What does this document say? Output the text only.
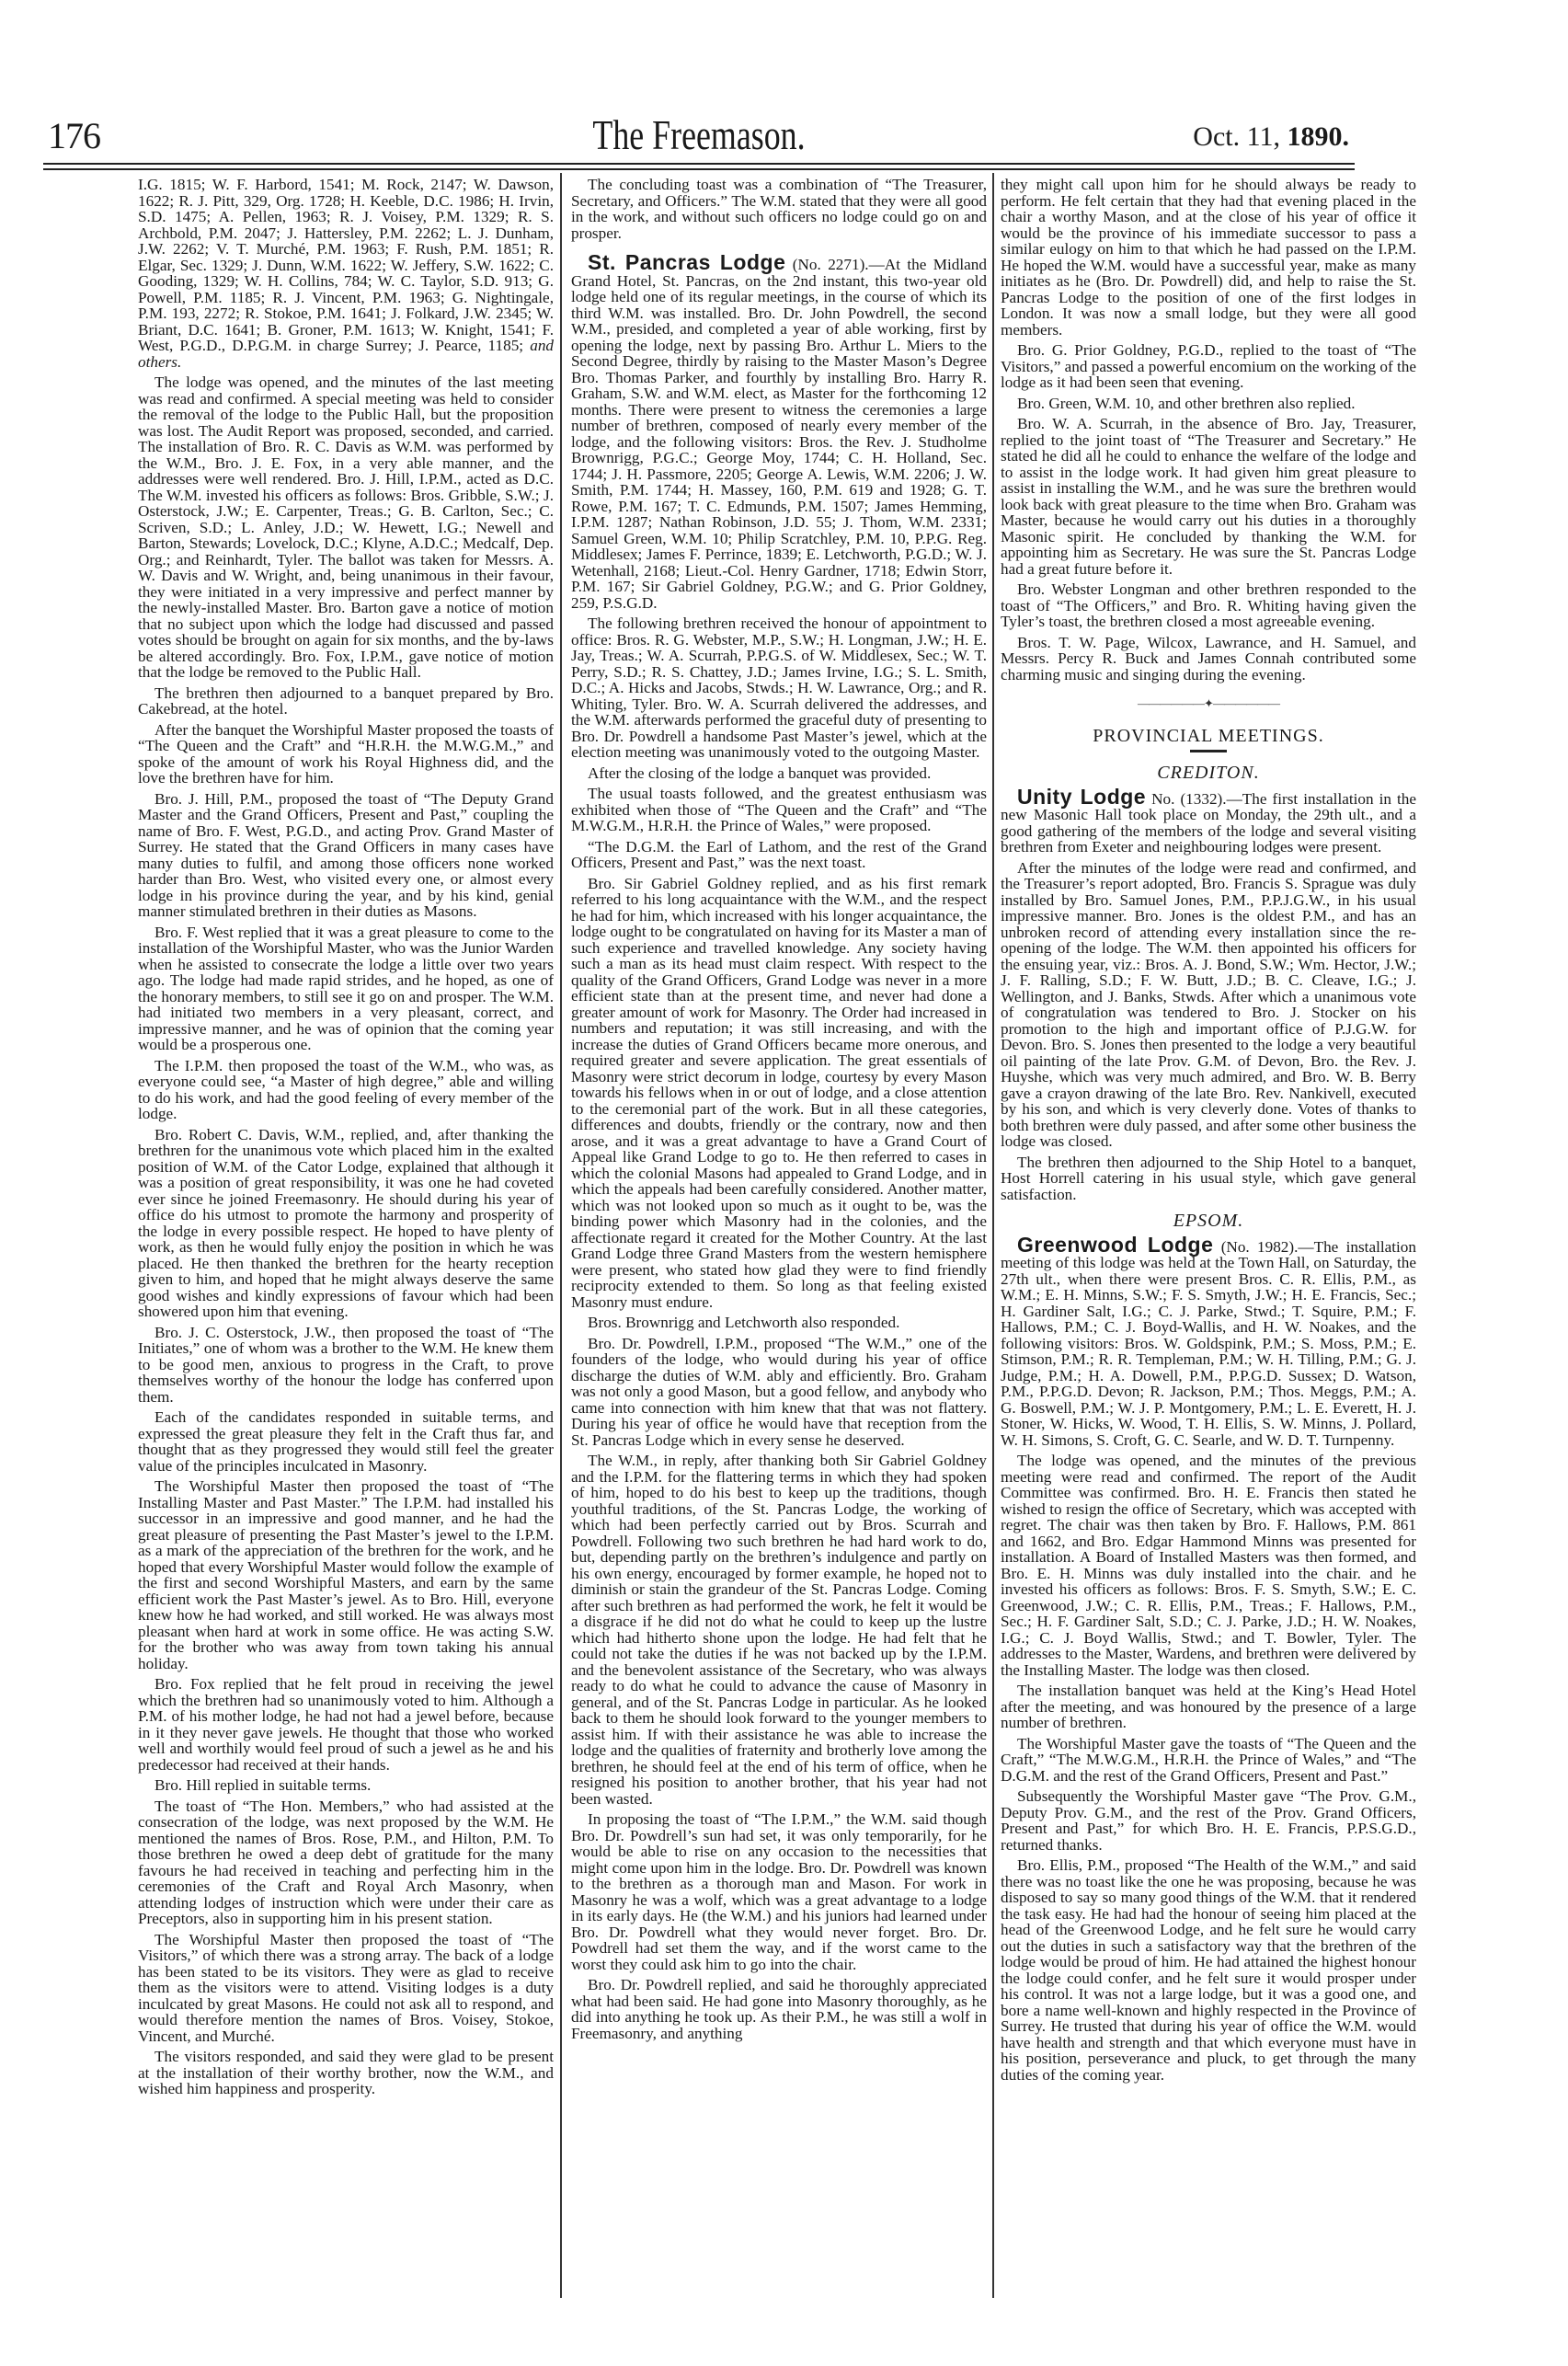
176	The Freemason.	Oct. 11, 1890.

I.G. 1815; W. F. Harbord, 1541; M. Rock, 2147; W. Dawson, 1622; R. J. Pitt, 329, Org. 1728; H. Keeble, D.C. 1986; H. Irvin, S.D. 1475; A. Pellen, 1963; R. J. Voisey, P.M. 1329; R. S. Archbold, P.M. 2047; J. Hattersley, P.M. 2262; L. J. Dunham, J.W. 2262; V. T. Murché, P.M. 1963; F. Rush, P.M. 1851; R. Elgar, Sec. 1329; J. Dunn, W.M. 1622; W. Jeffery, S.W. 1622; C. Gooding, 1329; W. H. Collins, 784; W. C. Taylor, S.D. 913; G. Powell, P.M. 1185; R. J. Vincent, P.M. 1963; G. Nightingale, P.M. 193, 2272; R. Stokoe, P.M. 1641; J. Folkard, J.W. 2345; W. Briant, D.C. 1641; B. Groner, P.M. 1613; W. Knight, 1541; F. West, P.G.D., D.P.G.M. in charge Surrey; J. Pearce, 1185; and others.

The lodge was opened, and the minutes of the last meeting was read and confirmed. A special meeting was held to consider the removal of the lodge to the Public Hall, but the proposition was lost. The Audit Report was proposed, seconded, and carried. The installation of Bro. R. C. Davis as W.M. was performed by the W.M., Bro. J. E. Fox, in a very able manner, and the addresses were well rendered. Bro. J. Hill, I.P.M., acted as D.C. The W.M. invested his officers as follows: Bros. Gribble, S.W.; J. Osterstock, J.W.; E. Carpenter, Treas.; G. B. Carlton, Sec.; C. Scriven, S.D.; L. Anley, J.D.; W. Hewett, I.G.; Newell and Barton, Stewards; Lovelock, D.C.; Klyne, A.D.C.; Medcalf, Dep. Org.; and Reinhardt, Tyler. The ballot was taken for Messrs. A. W. Davis and W. Wright, and, being unanimous in their favour, they were initiated in a very impressive and perfect manner by the newly-installed Master. Bro. Barton gave a notice of motion that no subject upon which the lodge had discussed and passed votes should be brought on again for six months, and the by-laws be altered accordingly. Bro. Fox, I.P.M., gave notice of motion that the lodge be removed to the Public Hall.

The brethren then adjourned to a banquet prepared by Bro. Cakebread, at the hotel.

After the banquet the Worshipful Master proposed the toasts of “The Queen and the Craft” and “H.R.H. the M.W.G.M.,” and spoke of the amount of work his Royal Highness did, and the love the brethren have for him.

Bro. J. Hill, P.M., proposed the toast of “The Deputy Grand Master and the Grand Officers, Present and Past,” coupling the name of Bro. F. West, P.G.D., and acting Prov. Grand Master of Surrey. He stated that the Grand Officers in many cases have many duties to fulfil, and among those officers none worked harder than Bro. West, who visited every one, or almost every lodge in his province during the year, and by his kind, genial manner stimulated brethren in their duties as Masons.

Bro. F. West replied that it was a great pleasure to come to the installation of the Worshipful Master, who was the Junior Warden when he assisted to consecrate the lodge a little over two years ago. The lodge had made rapid strides, and he hoped, as one of the honorary members, to still see it go on and prosper. The W.M. had initiated two members in a very pleasant, correct, and impressive manner, and he was of opinion that the coming year would be a prosperous one.

The I.P.M. then proposed the toast of the W.M., who was, as everyone could see, “a Master of high degree,” able and willing to do his work, and had the good feeling of every member of the lodge.

Bro. Robert C. Davis, W.M., replied, and, after thanking the brethren for the unanimous vote which placed him in the exalted position of W.M. of the Cator Lodge, explained that although it was a position of great responsibility, it was one he had coveted ever since he joined Freemasonry. He should during his year of office do his utmost to promote the harmony and prosperity of the lodge in every possible respect. He hoped to have plenty of work, as then he would fully enjoy the position in which he was placed. He then thanked the brethren for the hearty reception given to him, and hoped that he might always deserve the same good wishes and kindly expressions of favour which had been showered upon him that evening.

Bro. J. C. Osterstock, J.W., then proposed the toast of “The Initiates,” one of whom was a brother to the W.M. He knew them to be good men, anxious to progress in the Craft, to prove themselves worthy of the honour the lodge has conferred upon them.

Each of the candidates responded in suitable terms, and expressed the great pleasure they felt in the Craft thus far, and thought that as they progressed they would still feel the greater value of the principles inculcated in Masonry.

The Worshipful Master then proposed the toast of “The Installing Master and Past Master.” The I.P.M. had installed his successor in an impressive and good manner, and he had the great pleasure of presenting the Past Master’s jewel to the I.P.M. as a mark of the appreciation of the brethren for the work, and he hoped that every Worshipful Master would follow the example of the first and second Worshipful Masters, and earn by the same efficient work the Past Master’s jewel. As to Bro. Hill, everyone knew how he had worked, and still worked. He was always most pleasant when hard at work in some office. He was acting S.W. for the brother who was away from town taking his annual holiday.

Bro. Fox replied that he felt proud in receiving the jewel which the brethren had so unanimously voted to him. Although a P.M. of his mother lodge, he had not had a jewel before, because in it they never gave jewels. He thought that those who worked well and worthily would feel proud of such a jewel as he and his predecessor had received at their hands.

Bro. Hill replied in suitable terms.

The toast of “The Hon. Members,” who had assisted at the consecration of the lodge, was next proposed by the W.M. He mentioned the names of Bros. Rose, P.M., and Hilton, P.M. To those brethren he owed a deep debt of gratitude for the many favours he had received in teaching and perfecting him in the ceremonies of the Craft and Royal Arch Masonry, when attending lodges of instruction which were under their care as Preceptors, also in supporting him in his present station.

The Worshipful Master then proposed the toast of “The Visitors,” of which there was a strong array. The back of a lodge has been stated to be its visitors. They were as glad to receive them as the visitors were to attend. Visiting lodges is a duty inculcated by great Masons. He could not ask all to respond, and would therefore mention the names of Bros. Voisey, Stokoe, Vincent, and Murché.

The visitors responded, and said they were glad to be present at the installation of their worthy brother, now the W.M., and wished him happiness and prosperity.

The concluding toast was a combination of “The Treasurer, Secretary, and Officers.” The W.M. stated that they were all good in the work, and without such officers no lodge could go on and prosper.

St. Pancras Lodge (No. 2271).—At the Midland Grand Hotel, St. Pancras, on the 2nd instant, this two-year old lodge held one of its regular meetings, in the course of which its third W.M. was installed. Bro. Dr. John Powdrell, the second W.M., presided, and completed a year of able working, first by opening the lodge, next by passing Bro. Arthur L. Miers to the Second Degree, thirdly by raising to the Master Mason’s Degree Bro. Thomas Parker, and fourthly by installing Bro. Harry R. Graham, S.W. and W.M. elect, as Master for the forthcoming 12 months. There were present to witness the ceremonies a large number of brethren, composed of nearly every member of the lodge, and the following visitors: Bros. the Rev. J. Studholme Brownrigg, P.G.C.; George Moy, 1744; C. H. Holland, Sec. 1744; J. H. Passmore, 2205; George A. Lewis, W.M. 2206; J. W. Smith, P.M. 1744; H. Massey, 160, P.M. 619 and 1928; G. T. Rowe, P.M. 167; T. C. Edmunds, P.M. 1507; James Hemming, I.P.M. 1287; Nathan Robinson, J.D. 55; J. Thom, W.M. 2331; Samuel Green, W.M. 10; Philip Scratchley, P.M. 10, P.P.G. Reg. Middlesex; James F. Perrince, 1839; E. Letchworth, P.G.D.; W. J. Wetenhall, 2168; Lieut.-Col. Henry Gardner, 1718; Edwin Storr, P.M. 167; Sir Gabriel Goldney, P.G.W.; and G. Prior Goldney, 259, P.S.G.D.

The following brethren received the honour of appointment to office: Bros. R. G. Webster, M.P., S.W.; H. Longman, J.W.; H. E. Jay, Treas.; W. A. Scurrah, P.P.G.S. of W. Middlesex, Sec.; W. T. Perry, S.D.; R. S. Chattey, J.D.; James Irvine, I.G.; S. L. Smith, D.C.; A. Hicks and Jacobs, Stwds.; H. W. Lawrance, Org.; and R. Whiting, Tyler. Bro. W. A. Scurrah delivered the addresses, and the W.M. afterwards performed the graceful duty of presenting to Bro. Dr. Powdrell a handsome Past Master’s jewel, which at the election meeting was unanimously voted to the outgoing Master.

After the closing of the lodge a banquet was provided.

The usual toasts followed, and the greatest enthusiasm was exhibited when those of “The Queen and the Craft” and “The M.W.G.M., H.R.H. the Prince of Wales,” were proposed.

“The D.G.M. the Earl of Lathom, and the rest of the Grand Officers, Present and Past,” was the next toast.

Bro. Sir Gabriel Goldney replied, and as his first remark referred to his long acquaintance with the W.M., and the respect he had for him, which increased with his longer acquaintance, the lodge ought to be congratulated on having for its Master a man of such experience and travelled knowledge. Any society having such a man as its head must claim respect. With respect to the quality of the Grand Officers, Grand Lodge was never in a more efficient state than at the present time, and never had done a greater amount of work for Masonry. The Order had increased in numbers and reputation; it was still increasing, and with the increase the duties of Grand Officers became more onerous, and required greater and severe application. The great essentials of Masonry were strict decorum in lodge, courtesy by every Mason towards his fellows when in or out of lodge, and a close attention to the ceremonial part of the work. But in all these categories, differences and doubts, friendly or the contrary, now and then arose, and it was a great advantage to have a Grand Court of Appeal like Grand Lodge to go to. He then referred to cases in which the colonial Masons had appealed to Grand Lodge, and in which the appeals had been carefully considered. Another matter, which was not looked upon so much as it ought to be, was the binding power which Masonry had in the colonies, and the affectionate regard it created for the Mother Country. At the last Grand Lodge three Grand Masters from the western hemisphere were present, who stated how glad they were to find friendly reciprocity extended to them. So long as that feeling existed Masonry must endure.

Bros. Brownrigg and Letchworth also responded.

Bro. Dr. Powdrell, I.P.M., proposed “The W.M.,” one of the founders of the lodge, who would during his year of office discharge the duties of W.M. ably and efficiently. Bro. Graham was not only a good Mason, but a good fellow, and anybody who came into connection with him knew that that was not flattery. During his year of office he would have that reception from the St. Pancras Lodge which in every sense he deserved.

The W.M., in reply, after thanking both Sir Gabriel Goldney and the I.P.M. for the flattering terms in which they had spoken of him, hoped to do his best to keep up the traditions, though youthful traditions, of the St. Pancras Lodge, the working of which had been perfectly carried out by Bros. Scurrah and Powdrell. Following two such brethren he had hard work to do, but, depending partly on the brethren’s indulgence and partly on his own energy, encouraged by former example, he hoped not to diminish or stain the grandeur of the St. Pancras Lodge. Coming after such brethren as had performed the work, he felt it would be a disgrace if he did not do what he could to keep up the lustre which had hitherto shone upon the lodge. He had felt that he could not take the duties if he was not backed up by the I.P.M. and the benevolent assistance of the Secretary, who was always ready to do what he could to advance the cause of Masonry in general, and of the St. Pancras Lodge in particular. As he looked back to them he should look forward to the younger members to assist him. If with their assistance he was able to increase the lodge and the qualities of fraternity and brotherly love among the brethren, he should feel at the end of his term of office, when he resigned his position to another brother, that his year had not been wasted.

In proposing the toast of “The I.P.M.,” the W.M. said though Bro. Dr. Powdrell’s sun had set, it was only temporarily, for he would be able to rise on any occasion to the necessities that might come upon him in the lodge. Bro. Dr. Powdrell was known to the brethren as a thorough man and Mason. For work in Masonry he was a wolf, which was a great advantage to a lodge in its early days. He (the W.M.) and his juniors had learned under Bro. Dr. Powdrell what they would never forget. Bro. Dr. Powdrell had set them the way, and if the worst came to the worst they could ask him to go into the chair.

Bro. Dr. Powdrell replied, and said he thoroughly appreciated what had been said. He had gone into Masonry thoroughly, as he did into anything he took up. As their P.M., he was still a wolf in Freemasonry, and anything

they might call upon him for he should always be ready to perform. He felt certain that they had that evening placed in the chair a worthy Mason, and at the close of his year of office it would be the province of his immediate successor to pass a similar eulogy on him to that which he had passed on the I.P.M. He hoped the W.M. would have a successful year, make as many initiates as he (Bro. Dr. Powdrell) did, and help to raise the St. Pancras Lodge to the position of one of the first lodges in London. It was now a small lodge, but they were all good members.

Bro. G. Prior Goldney, P.G.D., replied to the toast of “The Visitors,” and passed a powerful encomium on the working of the lodge as it had been seen that evening.

Bro. Green, W.M. 10, and other brethren also replied.

Bro. W. A. Scurrah, in the absence of Bro. Jay, Treasurer, replied to the joint toast of “The Treasurer and Secretary.” He stated he did all he could to enhance the welfare of the lodge and to assist in the lodge work. It had given him great pleasure to assist in installing the W.M., and he was sure the brethren would look back with great pleasure to the time when Bro. Graham was Master, because he would carry out his duties in a thoroughly Masonic spirit. He concluded by thanking the W.M. for appointing him as Secretary. He was sure the St. Pancras Lodge had a great future before it.

Bro. Webster Longman and other brethren responded to the toast of “The Officers,” and Bro. R. Whiting having given the Tyler’s toast, the brethren closed a most agreeable evening.

Bros. T. W. Page, Wilcox, Lawrance, and H. Samuel, and Messrs. Percy R. Buck and James Connah contributed some charming music and singing during the evening.

——————✦——————
PROVINCIAL MEETINGS.
CREDITON.

Unity Lodge No. (1332).—The first installation in the new Masonic Hall took place on Monday, the 29th ult., and a good gathering of the members of the lodge and several visiting brethren from Exeter and neighbouring lodges were present.

After the minutes of the lodge were read and confirmed, and the Treasurer’s report adopted, Bro. Francis S. Sprague was duly installed by Bro. Samuel Jones, P.M., P.P.J.G.W., in his usual impressive manner. Bro. Jones is the oldest P.M., and has an unbroken record of attending every installation since the re-opening of the lodge. The W.M. then appointed his officers for the ensuing year, viz.: Bros. A. J. Bond, S.W.; Wm. Hector, J.W.; J. F. Ralling, S.D.; F. W. Butt, J.D.; B. C. Cleave, I.G.; J. Wellington, and J. Banks, Stwds. After which a unanimous vote of congratulation was tendered to Bro. J. Stocker on his promotion to the high and important office of P.J.G.W. for Devon. Bro. S. Jones then presented to the lodge a very beautiful oil painting of the late Prov. G.M. of Devon, Bro. the Rev. J. Huyshe, which was very much admired, and Bro. W. B. Berry gave a crayon drawing of the late Bro. Rev. Nankivell, executed by his son, and which is very cleverly done. Votes of thanks to both brethren were duly passed, and after some other business the lodge was closed.

The brethren then adjourned to the Ship Hotel to a banquet, Host Horrell catering in his usual style, which gave general satisfaction.

EPSOM.

Greenwood Lodge (No. 1982).—The installation meeting of this lodge was held at the Town Hall, on Saturday, the 27th ult., when there were present Bros. C. R. Ellis, P.M., as W.M.; E. H. Minns, S.W.; F. S. Smyth, J.W.; H. E. Francis, Sec.; H. Gardiner Salt, I.G.; C. J. Parke, Stwd.; T. Squire, P.M.; F. Hallows, P.M.; C. J. Boyd-Wallis, and H. W. Noakes, and the following visitors: Bros. W. Goldspink, P.M.; S. Moss, P.M.; E. Stimson, P.M.; R. R. Templeman, P.M.; W. H. Tilling, P.M.; G. J. Judge, P.M.; H. A. Dowell, P.M., P.P.G.D. Sussex; D. Watson, P.M., P.P.G.D. Devon; R. Jackson, P.M.; Thos. Meggs, P.M.; A. G. Boswell, P.M.; W. J. P. Montgomery, P.M.; L. E. Everett, H. J. Stoner, W. Hicks, W. Wood, T. H. Ellis, S. W. Minns, J. Pollard, W. H. Simons, S. Croft, G. C. Searle, and W. D. T. Turnpenny.

The lodge was opened, and the minutes of the previous meeting were read and confirmed. The report of the Audit Committee was confirmed. Bro. H. E. Francis then stated he wished to resign the office of Secretary, which was accepted with regret. The chair was then taken by Bro. F. Hallows, P.M. 861 and 1662, and Bro. Edgar Hammond Minns was presented for installation. A Board of Installed Masters was then formed, and Bro. E. H. Minns was duly installed into the chair. and he invested his officers as follows: Bros. F. S. Smyth, S.W.; E. C. Greenwood, J.W.; C. R. Ellis, P.M., Treas.; F. Hallows, P.M., Sec.; H. F. Gardiner Salt, S.D.; C. J. Parke, J.D.; H. W. Noakes, I.G.; C. J. Boyd Wallis, Stwd.; and T. Bowler, Tyler. The addresses to the Master, Wardens, and brethren were delivered by the Installing Master. The lodge was then closed.

The installation banquet was held at the King’s Head Hotel after the meeting, and was honoured by the presence of a large number of brethren.

The Worshipful Master gave the toasts of “The Queen and the Craft,” “The M.W.G.M., H.R.H. the Prince of Wales,” and “The D.G.M. and the rest of the Grand Officers, Present and Past.”

Subsequently the Worshipful Master gave “The Prov. G.M., Deputy Prov. G.M., and the rest of the Prov. Grand Officers, Present and Past,” for which Bro. H. E. Francis, P.P.S.G.D., returned thanks.

Bro. Ellis, P.M., proposed “The Health of the W.M.,” and said there was no toast like the one he was proposing, because he was disposed to say so many good things of the W.M. that it rendered the task easy. He had had the honour of seeing him placed at the head of the Greenwood Lodge, and he felt sure he would carry out the duties in such a satisfactory way that the brethren of the lodge would be proud of him. He had attained the highest honour the lodge could confer, and he felt sure it would prosper under his control. It was not a large lodge, but it was a good one, and bore a name well-known and highly respected in the Province of Surrey. He trusted that during his year of office the W.M. would have health and strength and that which everyone must have in his position, perseverance and pluck, to get through the many duties of the coming year.
